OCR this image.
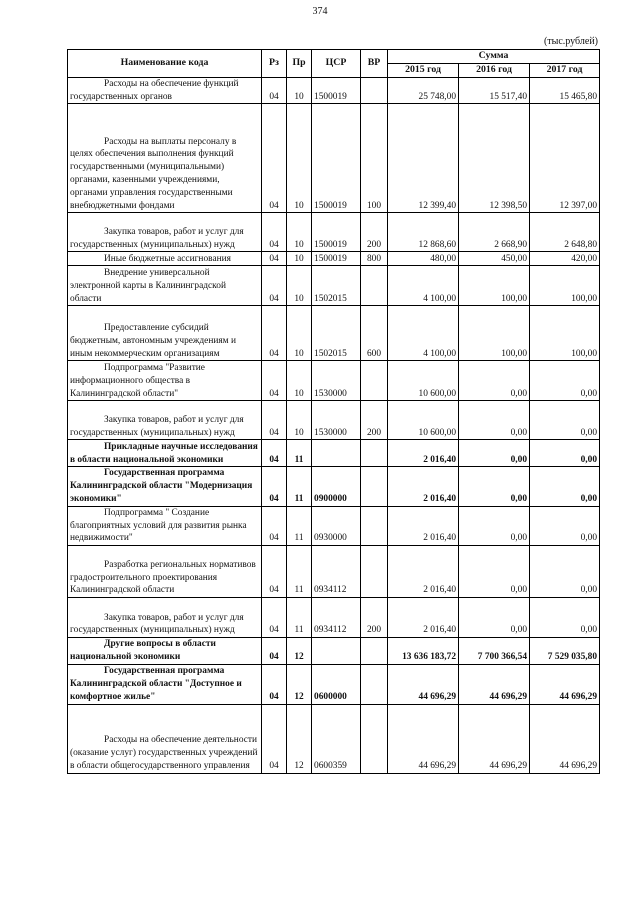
374
(тыс.рублей)
Наименование кода	Рз	Пр	ЦСР	ВР	Сумма		
					2015 год	2016 год	2017 год

Расходы на обеспечение функций государственных органов	04	10	1500019		25 748,00	15 517,40	15 465,80

Расходы на выплаты персоналу в целях обеспечения выполнения функций государственными (муниципальными) органами, казенными учреждениями, органами управления государственными внебюджетными фондами	04	10	1500019	100	12 399,40	12 398,50	12 397,00

Закупка товаров, работ и услуг для государственных (муниципальных) нужд	04	10	1500019	200	12 868,60	2 668,90	2 648,80

Иные бюджетные ассигнования	04	10	1500019	800	480,00	450,00	420,00

Внедрение универсальной электронной карты в Калининградской области	04	10	1502015		4 100,00	100,00	100,00

Предоставление субсидий бюджетным, автономным учреждениям и иным некоммерческим организациям	04	10	1502015	600	4 100,00	100,00	100,00

Подпрограмма "Развитие информационного общества в Калининградской области"	04	10	1530000		10 600,00	0,00	0,00

Закупка товаров, работ и услуг для государственных (муниципальных) нужд	04	10	1530000	200	10 600,00	0,00	0,00

Прикладные научные исследования в области национальной экономики	04	11			2 016,40	0,00	0,00

Государственная программа Калининградской области "Модернизация экономики"	04	11	0900000		2 016,40	0,00	0,00

Подпрограмма " Создание благоприятных условий для развития рынка недвижимости"	04	11	0930000		2 016,40	0,00	0,00

Разработка региональных нормативов градостроительного проектирования Калининградской области	04	11	0934112		2 016,40	0,00	0,00

Закупка товаров, работ и услуг для государственных (муниципальных) нужд	04	11	0934112	200	2 016,40	0,00	0,00

Другие вопросы в области национальной экономики	04	12			13 636 183,72	7 700 366,54	7 529 035,80

Государственная программа Калининградской области "Доступное и комфортное жилье"	04	12	0600000		44 696,29	44 696,29	44 696,29

Расходы на обеспечение деятельности (оказание услуг) государственных учреждений в области общегосударственного управления	04	12	0600359		44 696,29	44 696,29	44 696,29
